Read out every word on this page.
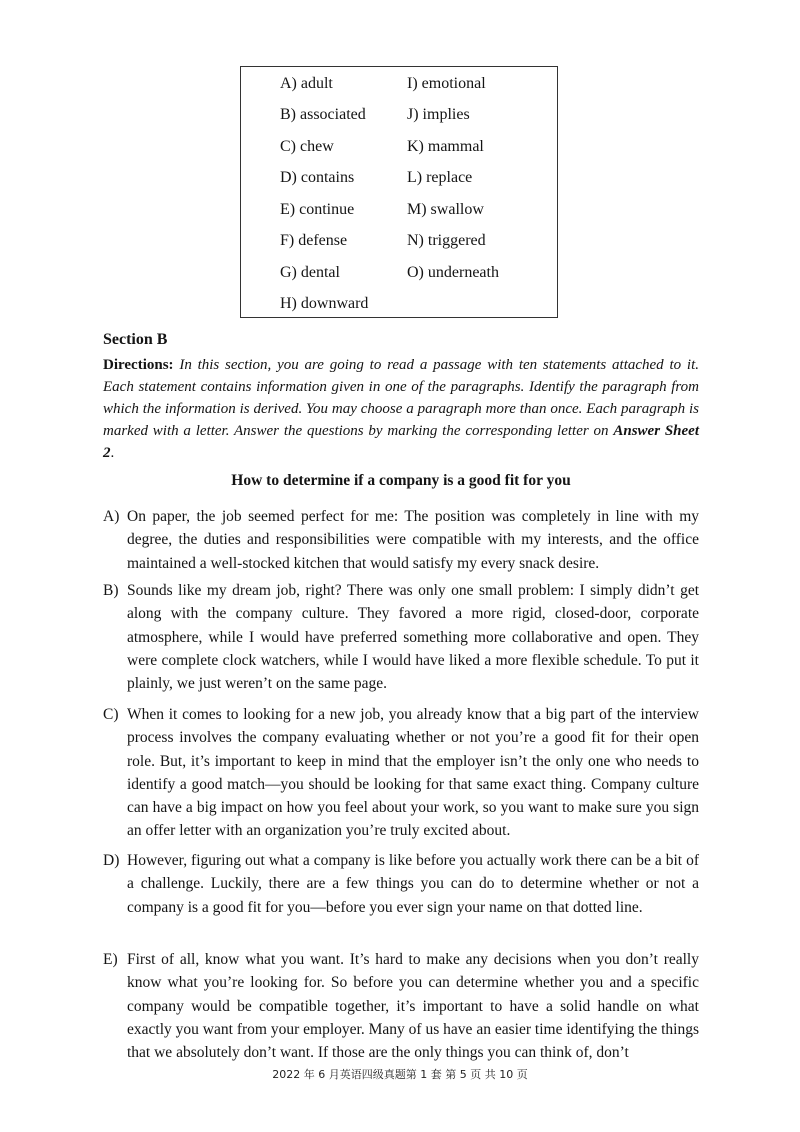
A) adult
B) associated
C) chew
D) contains
E) continue
F) defense
G) dental
H) downward
I) emotional
J) implies
K) mammal
L) replace
M) swallow
N) triggered
O) underneath
Section B
Directions: In this section, you are going to read a passage with ten statements attached to it. Each statement contains information given in one of the paragraphs. Identify the paragraph from which the information is derived. You may choose a paragraph more than once. Each paragraph is marked with a letter. Answer the questions by marking the corresponding letter on Answer Sheet 2.
How to determine if a company is a good fit for you
A) On paper, the job seemed perfect for me: The position was completely in line with my degree, the duties and responsibilities were compatible with my interests, and the office maintained a well-stocked kitchen that would satisfy my every snack desire.
B) Sounds like my dream job, right? There was only one small problem: I simply didn’t get along with the company culture. They favored a more rigid, closed-door, corporate atmosphere, while I would have preferred something more collaborative and open. They were complete clock watchers, while I would have liked a more flexible schedule. To put it plainly, we just weren’t on the same page.
C) When it comes to looking for a new job, you already know that a big part of the interview process involves the company evaluating whether or not you’re a good fit for their open role. But, it’s important to keep in mind that the employer isn’t the only one who needs to identify a good match—you should be looking for that same exact thing. Company culture can have a big impact on how you feel about your work, so you want to make sure you sign an offer letter with an organization you’re truly excited about.
D) However, figuring out what a company is like before you actually work there can be a bit of a challenge. Luckily, there are a few things you can do to determine whether or not a company is a good fit for you—before you ever sign your name on that dotted line.
E) First of all, know what you want. It’s hard to make any decisions when you don’t really know what you’re looking for. So before you can determine whether you and a specific company would be compatible together, it’s important to have a solid handle on what exactly you want from your employer. Many of us have an easier time identifying the things that we absolutely don’t want. If those are the only things you can think of, don’t
2022 年 6 月英语四级真题第 1 套 第 5 页 共 10 页
